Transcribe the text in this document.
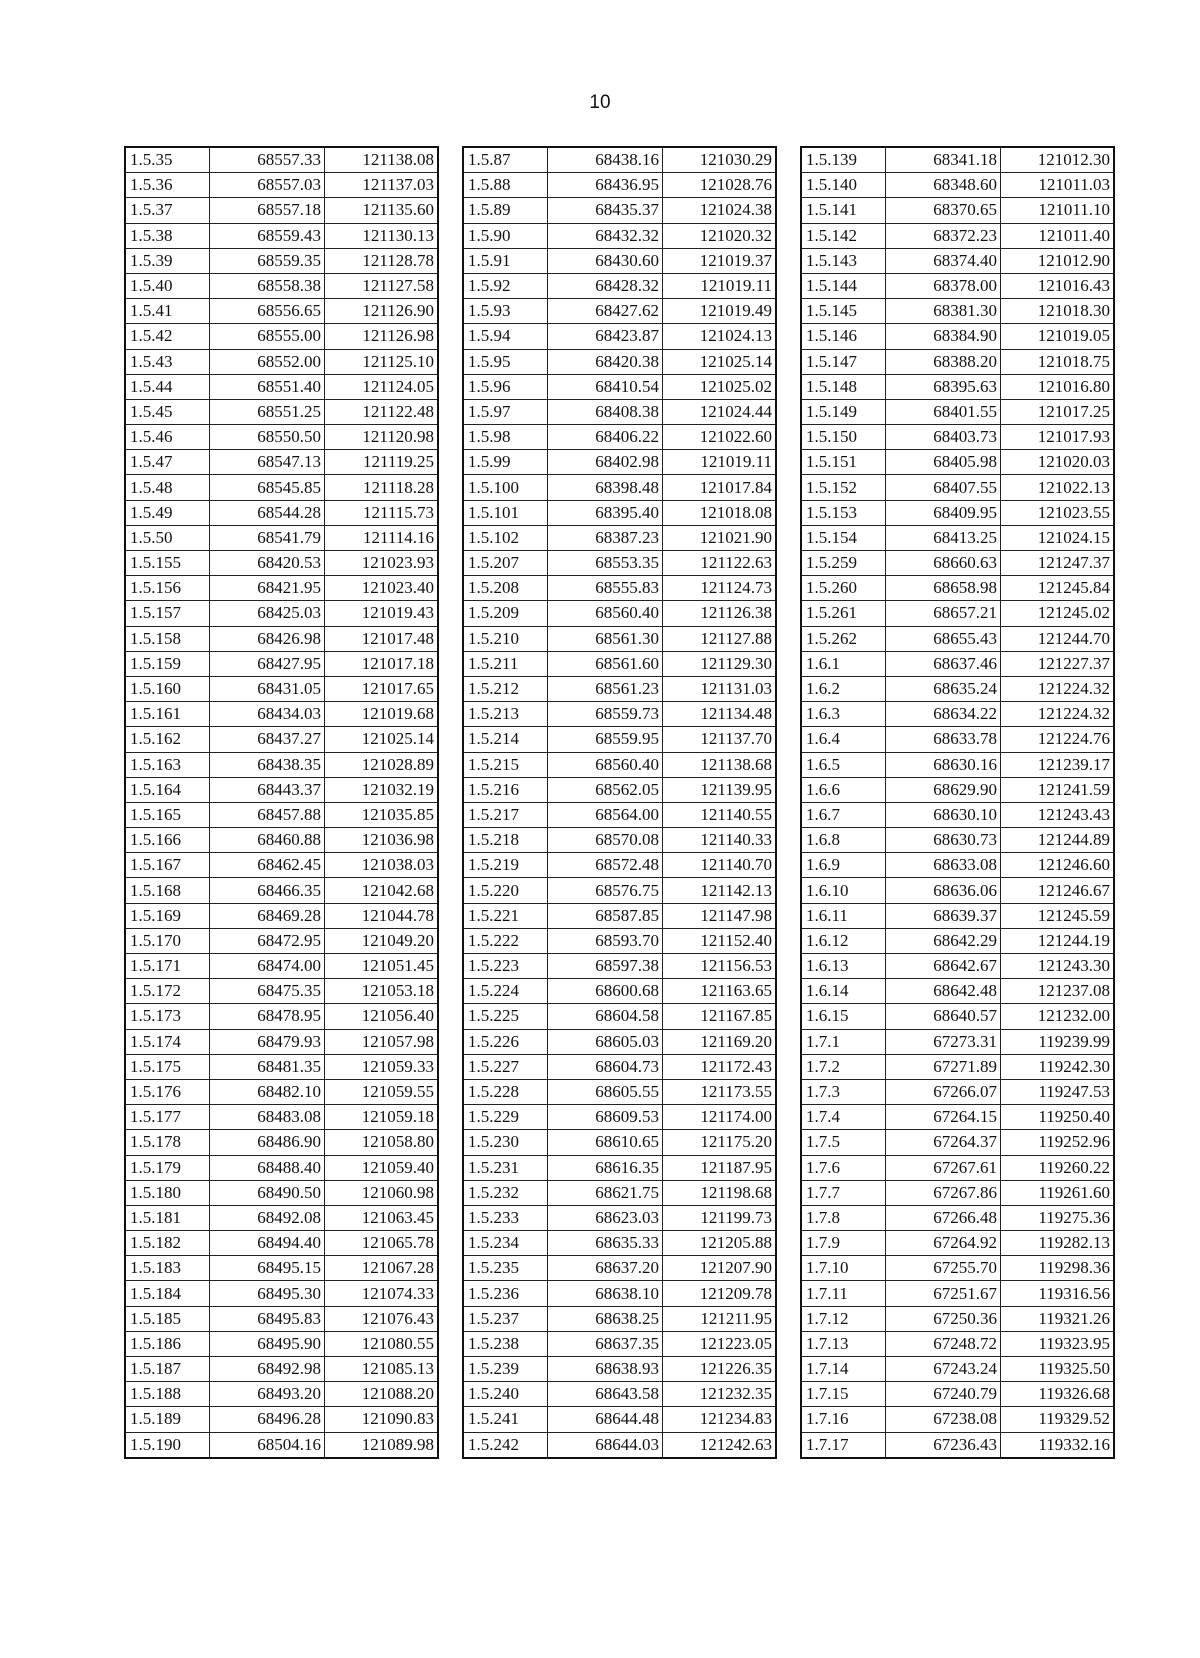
10
1.5.35	68557.33	121138.08
1.5.36	68557.03	121137.03
1.5.37	68557.18	121135.60
1.5.38	68559.43	121130.13
1.5.39	68559.35	121128.78
1.5.40	68558.38	121127.58
1.5.41	68556.65	121126.90
1.5.42	68555.00	121126.98
1.5.43	68552.00	121125.10
1.5.44	68551.40	121124.05
1.5.45	68551.25	121122.48
1.5.46	68550.50	121120.98
1.5.47	68547.13	121119.25
1.5.48	68545.85	121118.28
1.5.49	68544.28	121115.73
1.5.50	68541.79	121114.16
1.5.155	68420.53	121023.93
1.5.156	68421.95	121023.40
1.5.157	68425.03	121019.43
1.5.158	68426.98	121017.48
1.5.159	68427.95	121017.18
1.5.160	68431.05	121017.65
1.5.161	68434.03	121019.68
1.5.162	68437.27	121025.14
1.5.163	68438.35	121028.89
1.5.164	68443.37	121032.19
1.5.165	68457.88	121035.85
1.5.166	68460.88	121036.98
1.5.167	68462.45	121038.03
1.5.168	68466.35	121042.68
1.5.169	68469.28	121044.78
1.5.170	68472.95	121049.20
1.5.171	68474.00	121051.45
1.5.172	68475.35	121053.18
1.5.173	68478.95	121056.40
1.5.174	68479.93	121057.98
1.5.175	68481.35	121059.33
1.5.176	68482.10	121059.55
1.5.177	68483.08	121059.18
1.5.178	68486.90	121058.80
1.5.179	68488.40	121059.40
1.5.180	68490.50	121060.98
1.5.181	68492.08	121063.45
1.5.182	68494.40	121065.78
1.5.183	68495.15	121067.28
1.5.184	68495.30	121074.33
1.5.185	68495.83	121076.43
1.5.186	68495.90	121080.55
1.5.187	68492.98	121085.13
1.5.188	68493.20	121088.20
1.5.189	68496.28	121090.83
1.5.190	68504.16	121089.98
1.5.87	68438.16	121030.29
1.5.88	68436.95	121028.76
1.5.89	68435.37	121024.38
1.5.90	68432.32	121020.32
1.5.91	68430.60	121019.37
1.5.92	68428.32	121019.11
1.5.93	68427.62	121019.49
1.5.94	68423.87	121024.13
1.5.95	68420.38	121025.14
1.5.96	68410.54	121025.02
1.5.97	68408.38	121024.44
1.5.98	68406.22	121022.60
1.5.99	68402.98	121019.11
1.5.100	68398.48	121017.84
1.5.101	68395.40	121018.08
1.5.102	68387.23	121021.90
1.5.207	68553.35	121122.63
1.5.208	68555.83	121124.73
1.5.209	68560.40	121126.38
1.5.210	68561.30	121127.88
1.5.211	68561.60	121129.30
1.5.212	68561.23	121131.03
1.5.213	68559.73	121134.48
1.5.214	68559.95	121137.70
1.5.215	68560.40	121138.68
1.5.216	68562.05	121139.95
1.5.217	68564.00	121140.55
1.5.218	68570.08	121140.33
1.5.219	68572.48	121140.70
1.5.220	68576.75	121142.13
1.5.221	68587.85	121147.98
1.5.222	68593.70	121152.40
1.5.223	68597.38	121156.53
1.5.224	68600.68	121163.65
1.5.225	68604.58	121167.85
1.5.226	68605.03	121169.20
1.5.227	68604.73	121172.43
1.5.228	68605.55	121173.55
1.5.229	68609.53	121174.00
1.5.230	68610.65	121175.20
1.5.231	68616.35	121187.95
1.5.232	68621.75	121198.68
1.5.233	68623.03	121199.73
1.5.234	68635.33	121205.88
1.5.235	68637.20	121207.90
1.5.236	68638.10	121209.78
1.5.237	68638.25	121211.95
1.5.238	68637.35	121223.05
1.5.239	68638.93	121226.35
1.5.240	68643.58	121232.35
1.5.241	68644.48	121234.83
1.5.242	68644.03	121242.63
1.5.139	68341.18	121012.30
1.5.140	68348.60	121011.03
1.5.141	68370.65	121011.10
1.5.142	68372.23	121011.40
1.5.143	68374.40	121012.90
1.5.144	68378.00	121016.43
1.5.145	68381.30	121018.30
1.5.146	68384.90	121019.05
1.5.147	68388.20	121018.75
1.5.148	68395.63	121016.80
1.5.149	68401.55	121017.25
1.5.150	68403.73	121017.93
1.5.151	68405.98	121020.03
1.5.152	68407.55	121022.13
1.5.153	68409.95	121023.55
1.5.154	68413.25	121024.15
1.5.259	68660.63	121247.37
1.5.260	68658.98	121245.84
1.5.261	68657.21	121245.02
1.5.262	68655.43	121244.70
1.6.1	68637.46	121227.37
1.6.2	68635.24	121224.32
1.6.3	68634.22	121224.32
1.6.4	68633.78	121224.76
1.6.5	68630.16	121239.17
1.6.6	68629.90	121241.59
1.6.7	68630.10	121243.43
1.6.8	68630.73	121244.89
1.6.9	68633.08	121246.60
1.6.10	68636.06	121246.67
1.6.11	68639.37	121245.59
1.6.12	68642.29	121244.19
1.6.13	68642.67	121243.30
1.6.14	68642.48	121237.08
1.6.15	68640.57	121232.00
1.7.1	67273.31	119239.99
1.7.2	67271.89	119242.30
1.7.3	67266.07	119247.53
1.7.4	67264.15	119250.40
1.7.5	67264.37	119252.96
1.7.6	67267.61	119260.22
1.7.7	67267.86	119261.60
1.7.8	67266.48	119275.36
1.7.9	67264.92	119282.13
1.7.10	67255.70	119298.36
1.7.11	67251.67	119316.56
1.7.12	67250.36	119321.26
1.7.13	67248.72	119323.95
1.7.14	67243.24	119325.50
1.7.15	67240.79	119326.68
1.7.16	67238.08	119329.52
1.7.17	67236.43	119332.16
